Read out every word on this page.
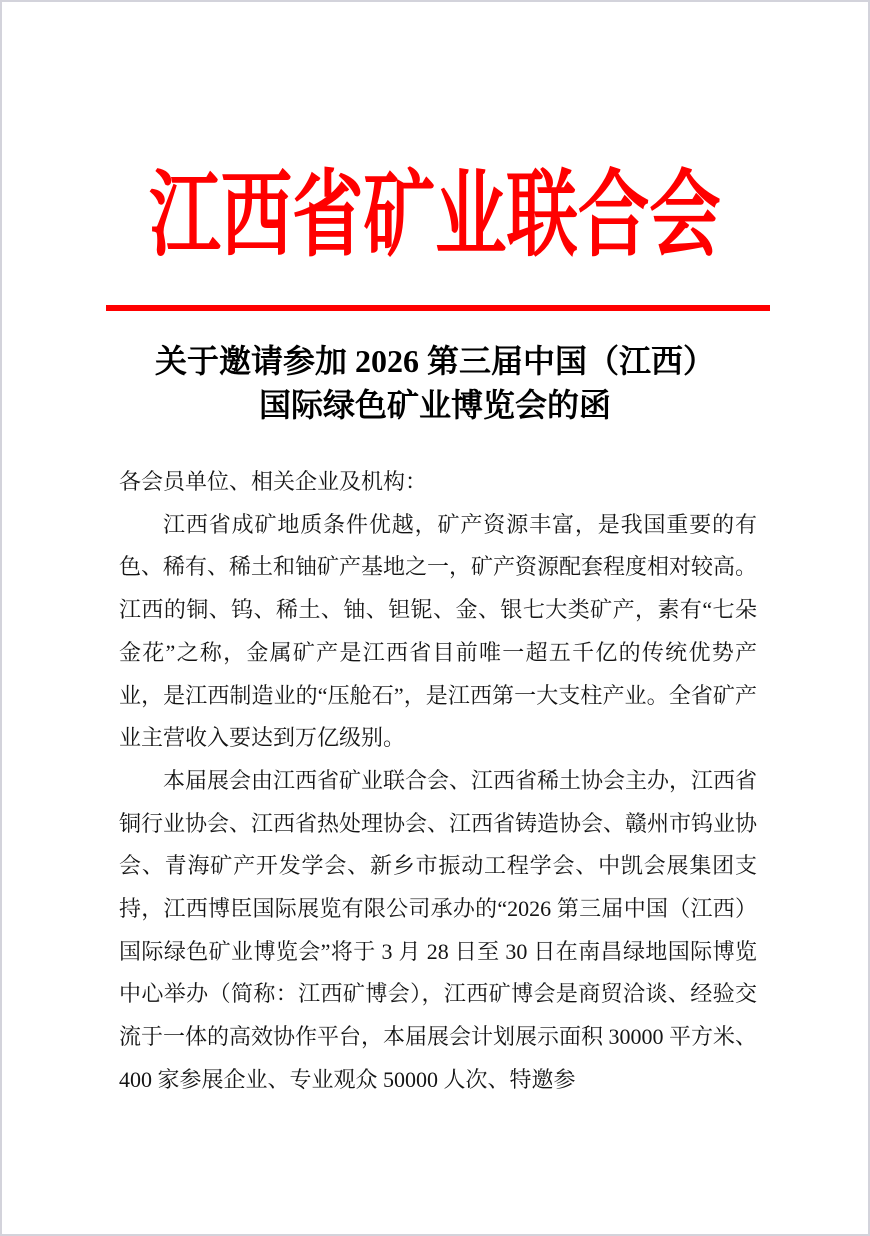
江西省矿业联合会
关于邀请参加 2026 第三届中国（江西）
国际绿色矿业博览会的函

各会员单位、相关企业及机构：

江西省成矿地质条件优越，矿产资源丰富，是我国重要的有色、稀有、稀土和铀矿产基地之一，矿产资源配套程度相对较高。江西的铜、钨、稀土、铀、钽铌、金、银七大类矿产，素有“七朵金花”之称，金属矿产是江西省目前唯一超五千亿的传统优势产业，是江西制造业的“压舱石”，是江西第一大支柱产业。全省矿产业主营收入要达到万亿级别。

本届展会由江西省矿业联合会、江西省稀土协会主办，江西省铜行业协会、江西省热处理协会、江西省铸造协会、赣州市钨业协会、青海矿产开发学会、新乡市振动工程学会、中凯会展集团支持，江西博臣国际展览有限公司承办的“2026 第三届中国（江西）国际绿色矿业博览会”将于 3 月 28 日至 30 日在南昌绿地国际博览中心举办（简称：江西矿博会），江西矿博会是商贸洽谈、经验交流于一体的高效协作平台，本届展会计划展示面积 30000 平方米、400 家参展企业、专业观众 50000 人次、特邀参
